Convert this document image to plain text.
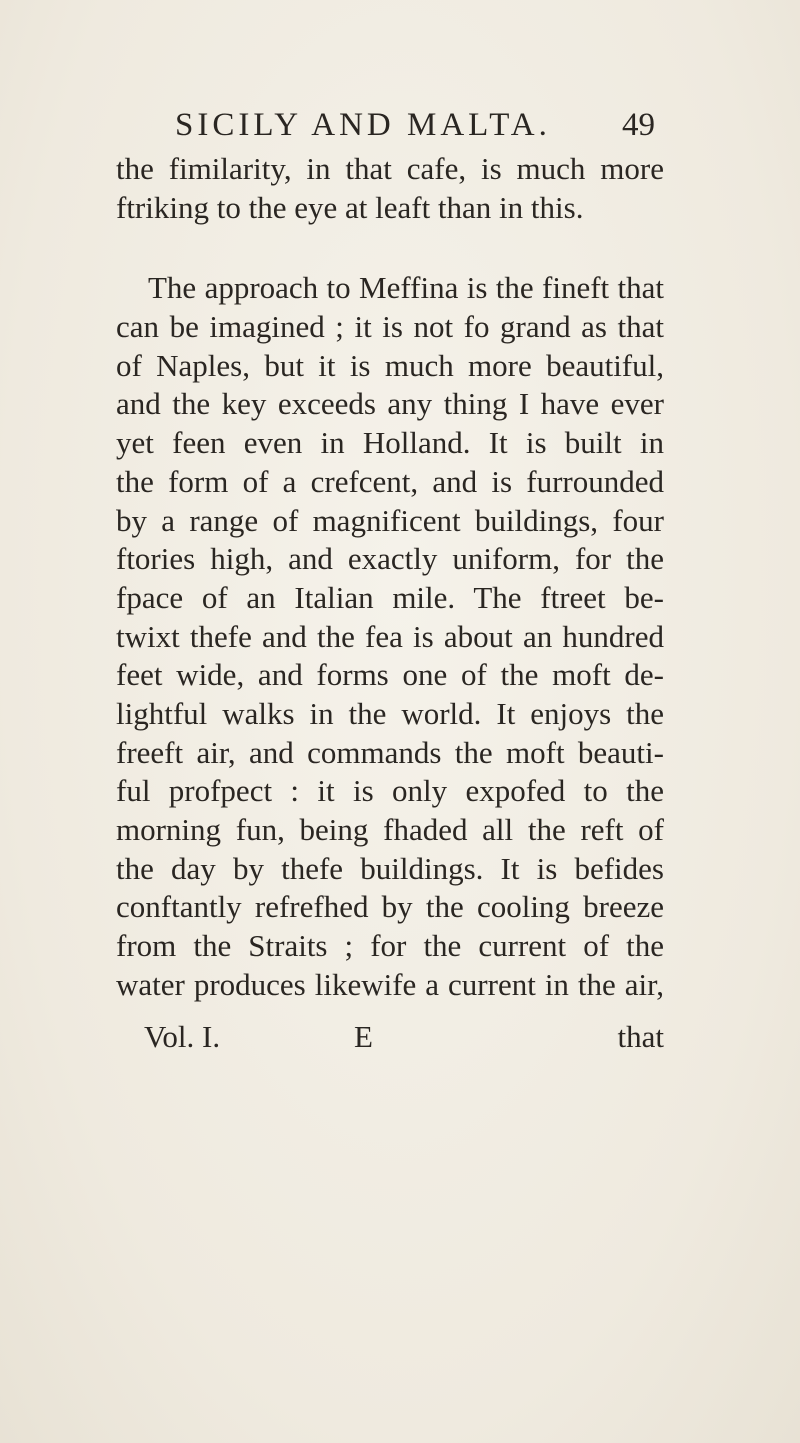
SICILY AND MALTA. 49
the fimilarity, in that cafe, is much more
ftriking to the eye at leaft than in this.
The approach to Meffina is the fineft that
can be imagined ; it is not fo grand as that
of Naples, but it is much more beautiful,
and the key exceeds any thing I have ever
yet feen even in Holland. It is built in
the form of a crefcent, and is furrounded
by a range of magnificent buildings, four
ftories high, and exactly uniform, for the
fpace of an Italian mile. The ftreet be-
twixt thefe and the fea is about an hundred
feet wide, and forms one of the moft de-
lightful walks in the world. It enjoys the
freeft air, and commands the moft beauti-
ful profpect : it is only expofed to the
morning fun, being fhaded all the reft of
the day by thefe buildings. It is befides
conftantly refrefhed by the cooling breeze
from the Straits ; for the current of the
water produces likewife a current in the air,
Vol. I.	E	that
